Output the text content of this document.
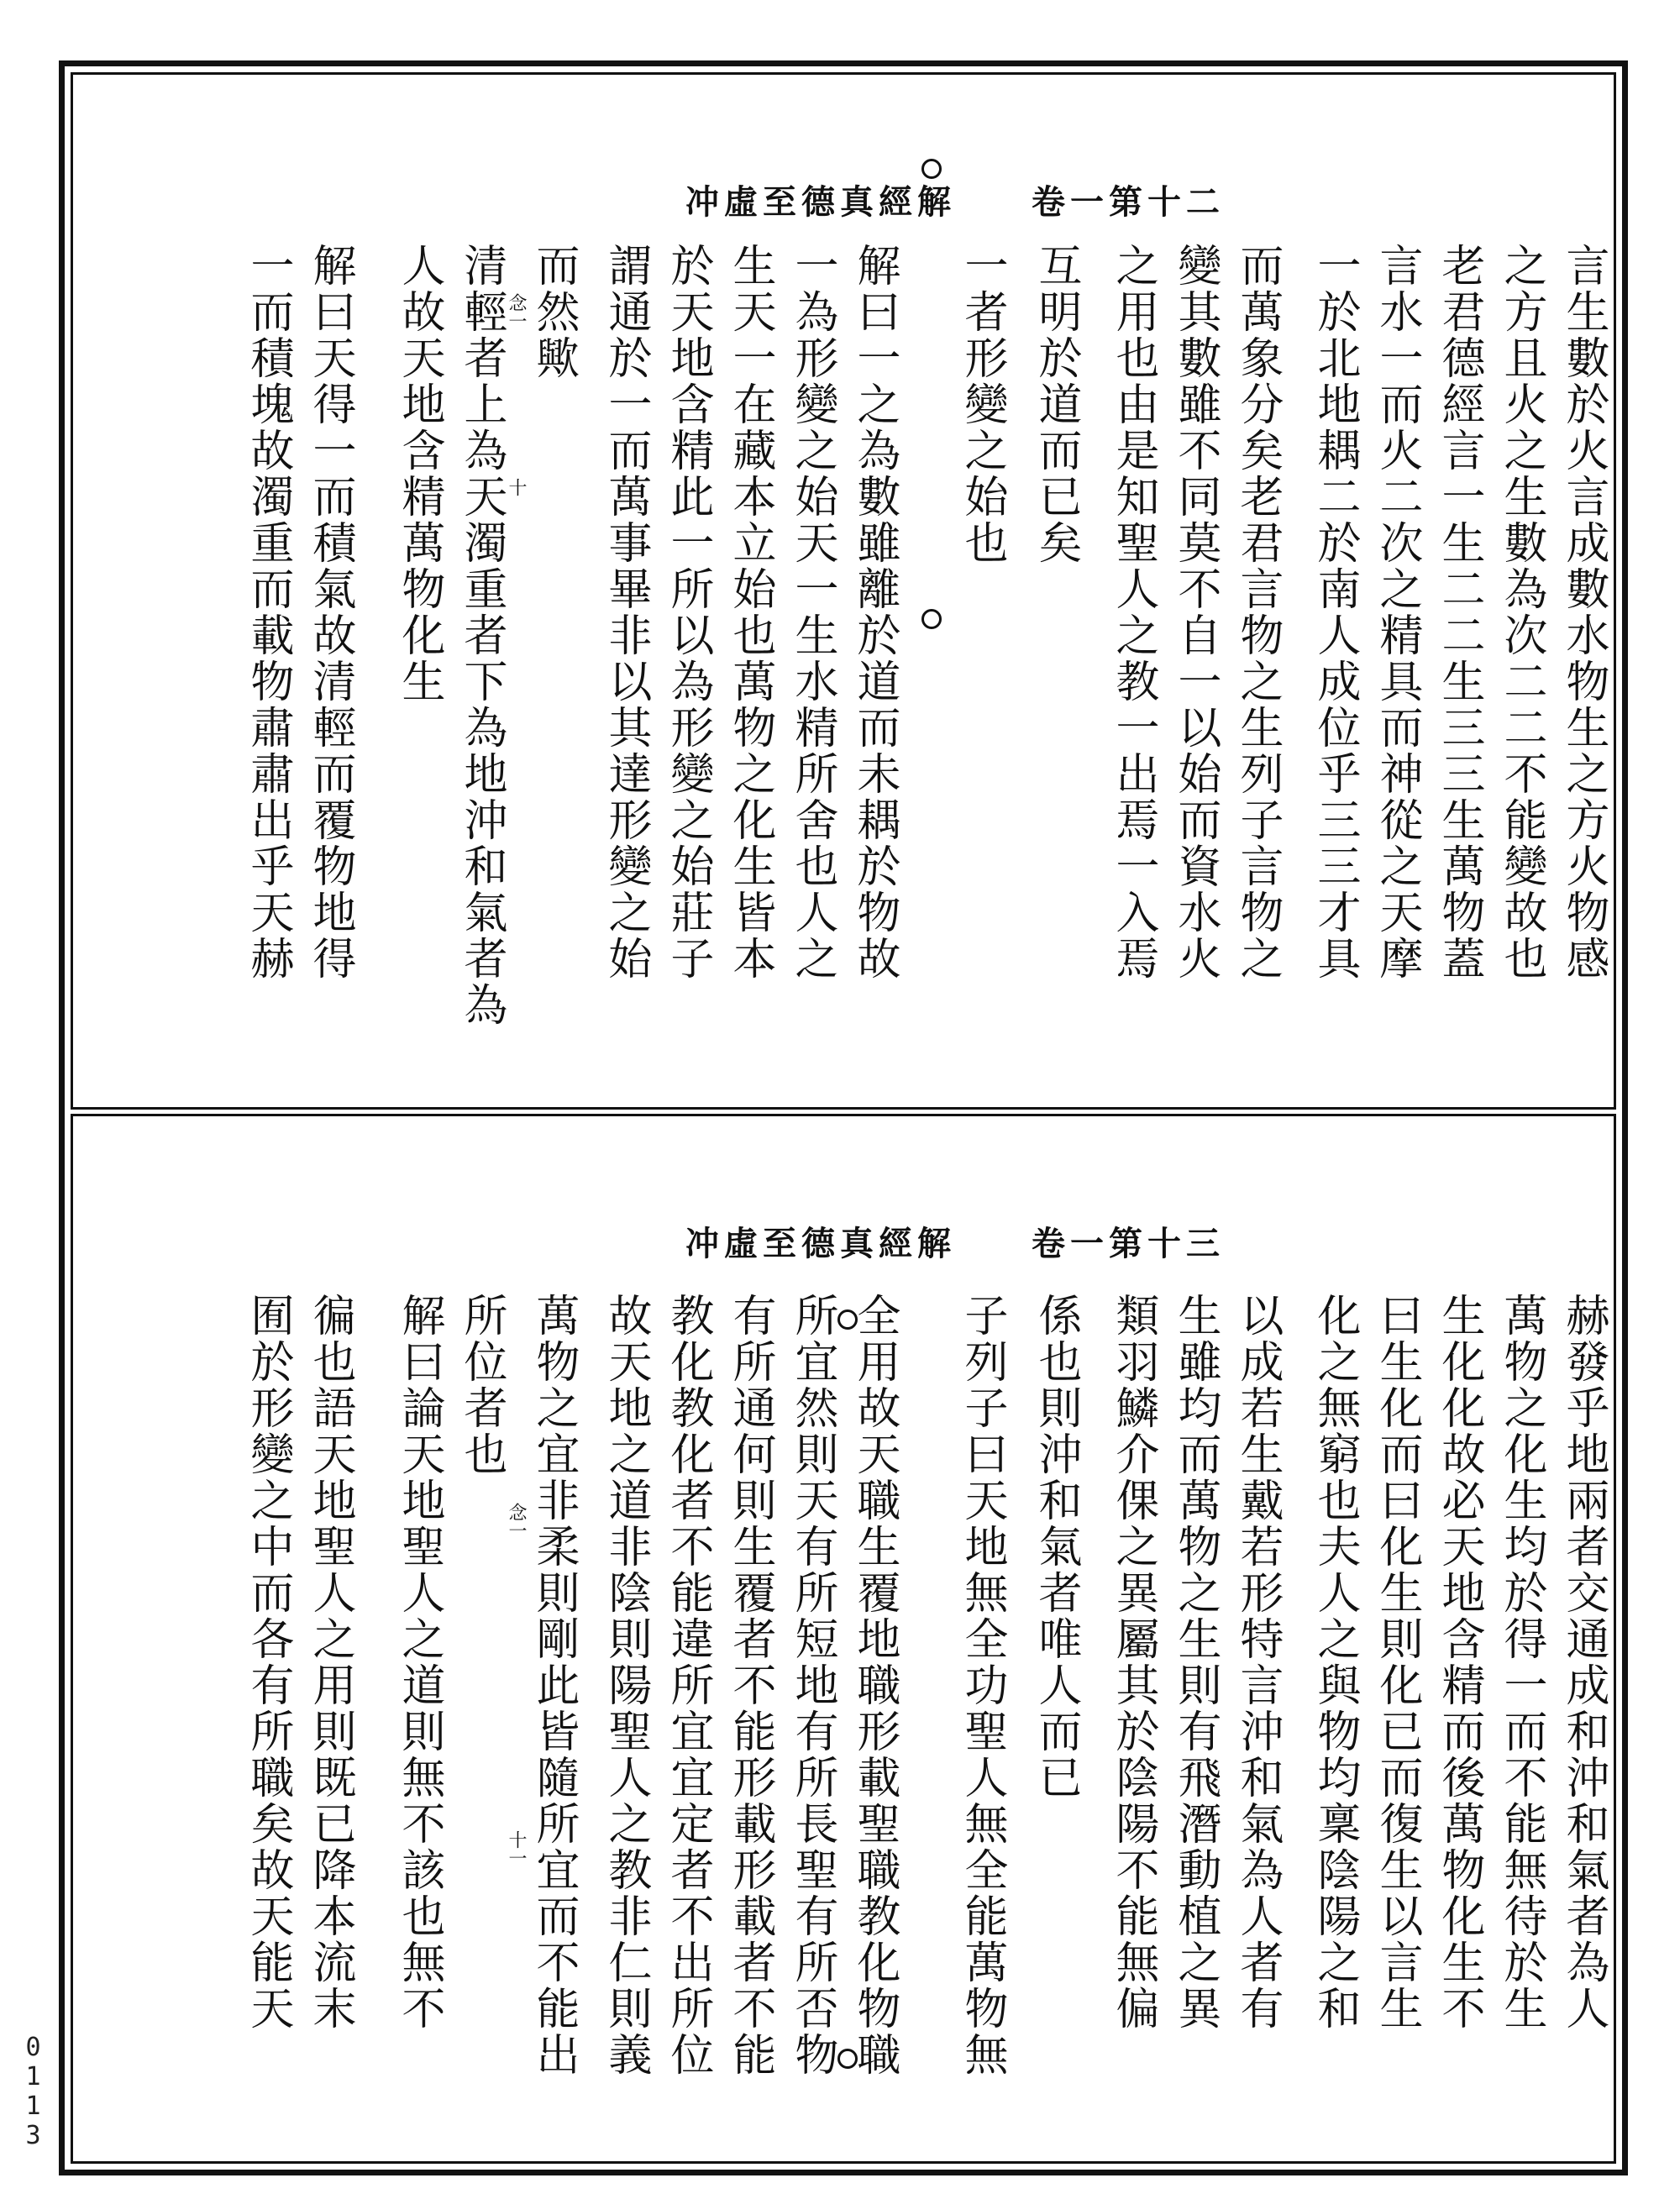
冲虛至德真經解 卷一第十二
言生數於火言成數水物生之方火物感
之方且火之生數為次二二不能變故也
老君德經言一生二二生三三生萬物蓋
言水一而火二次之精具而神從之天摩
一於北地耦二於南人成位乎三三才具
而萬象分矣老君言物之生列子言物之
變其數雖不同莫不自一以始而資水火
之用也由是知聖人之教一出焉一入焉
互明於道而已矣
一者形變之始也
解曰一之為數雖離於道而未耦於物故
一為形變之始天一生水精所舍也人之
生天一在藏本立始也萬物之化生皆本
於天地含精此一所以為形變之始莊子
謂通於一而萬事畢非以其達形變之始
而然歟
清輕者上為天濁重者下為地沖和氣者為
人故天地含精萬物化生
解曰天得一而積氣故清輕而覆物地得
一而積塊故濁重而載物肅肅出乎天赫	念一
十
冲虛至德真經解 卷一第十三
赫發乎地兩者交通成和沖和氣者為人
萬物之化生均於得一而不能無待於生
生化化故必天地含精而後萬物化生不
曰生化而曰化生則化已而復生以言生
化之無窮也夫人之與物均稟陰陽之和
以成若生戴若形特言沖和氣為人者有
生雖均而萬物之生則有飛潛動植之異
類羽鱗介倮之異屬其於陰陽不能無偏
係也則沖和氣者唯人而已
子列子曰天地無全功聖人無全能萬物無
全用故天職生覆地職形載聖職教化物職
所宜然則天有所短地有所長聖有所否物
有所通何則生覆者不能形載形載者不能
教化教化者不能違所宜宜定者不出所位
故天地之道非陰則陽聖人之教非仁則義
萬物之宜非柔則剛此皆隨所宜而不能出
所位者也
解曰論天地聖人之道則無不該也無不
徧也語天地聖人之用則既已降本流末
囿於形變之中而各有所職矣故天能天	念一
十一
0113
